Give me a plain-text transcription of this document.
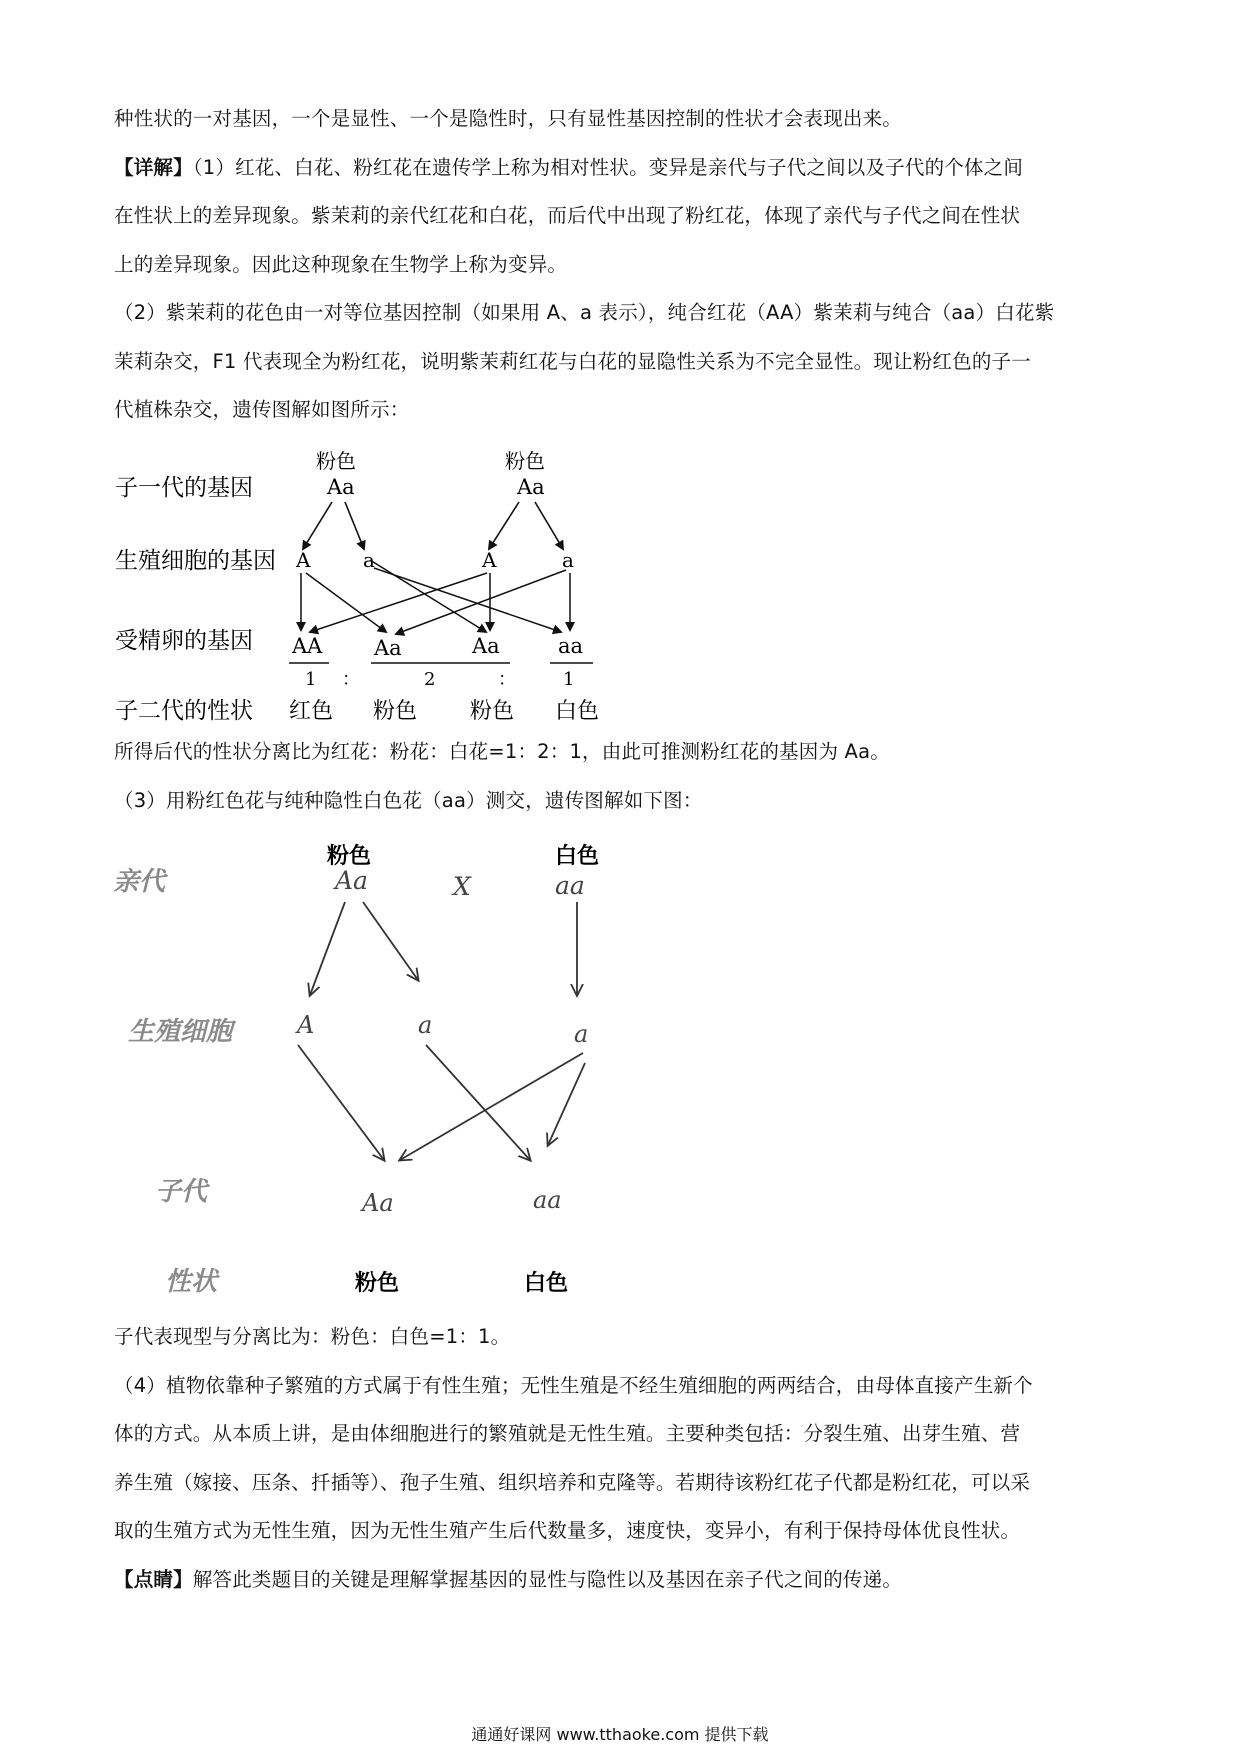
种性状的一对基因，一个是显性、一个是隐性时，只有显性基因控制的性状才会表现出来。

【详解】（1）红花、白花、粉红花在遗传学上称为相对性状。变异是亲代与子代之间以及子代的个体之间

在性状上的差异现象。紫茉莉的亲代红花和白花，而后代中出现了粉红花，体现了亲代与子代之间在性状

上的差异现象。因此这种现象在生物学上称为变异。

（2）紫茉莉的花色由一对等位基因控制（如果用 A、a 表示），纯合红花（AA）紫茉莉与纯合（aa）白花紫

茉莉杂交，F1 代表现全为粉红花，说明紫茉莉红花与白花的显隐性关系为不完全显性。现让粉红色的子一

代植株杂交，遗传图解如图所示：

子一代的基因
生殖细胞的基因
受精卵的基因
子二代的性状
粉色
Aa
粉色
Aa
A	a	A	a
AA Aa	Aa	aa
1 ：	2	：	1
红色 粉色 粉色 白色

所得后代的性状分离比为红花：粉花：白花=1：2：1，由此可推测粉红花的基因为 Aa。

（3）用粉红色花与纯种隐性白色花（aa）测交，遗传图解如下图：

亲代
生殖细胞
子代
性状
粉色
Aa	X
白色
aa
A	a	a
Aa	aa
粉色	白色

子代表现型与分离比为：粉色：白色=1：1。

（4）植物依靠种子繁殖的方式属于有性生殖；无性生殖是不经生殖细胞的两两结合，由母体直接产生新个

体的方式。从本质上讲，是由体细胞进行的繁殖就是无性生殖。主要种类包括：分裂生殖、出芽生殖、营

养生殖（嫁接、压条、扦插等）、孢子生殖、组织培养和克隆等。若期待该粉红花子代都是粉红花，可以采

取的生殖方式为无性生殖，因为无性生殖产生后代数量多，速度快，变异小，有利于保持母体优良性状。

【点睛】解答此类题目的关键是理解掌握基因的显性与隐性以及基因在亲子代之间的传递。

通通好课网 www.tthaoke.com 提供下载
